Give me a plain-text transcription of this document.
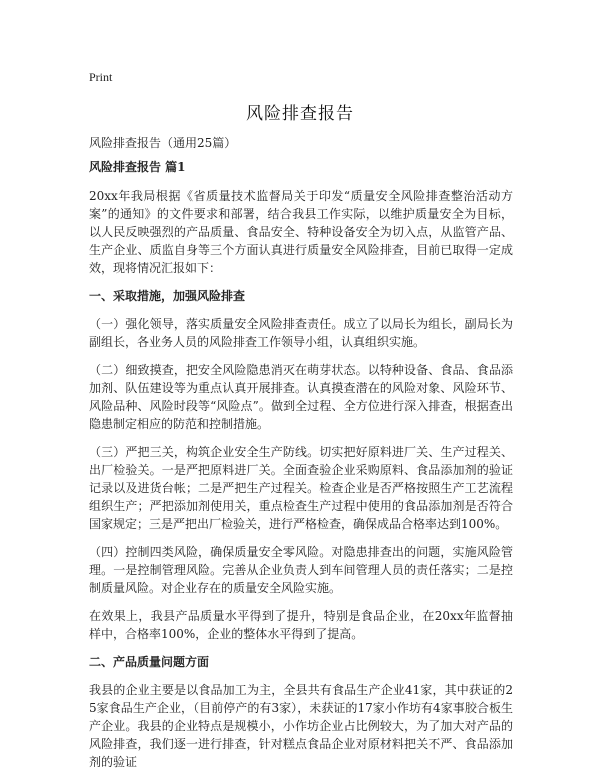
Print
风险排查报告
风险排查报告（通用25篇）
风险排查报告 篇1

20xx年我局根据《省质量技术监督局关于印发“质量安全风险排查整治活动方案”的通知》的文件要求和部署，结合我县工作实际，以维护质量安全为目标，以人民反映强烈的产品质量、食品安全、特种设备安全为切入点，从监管产品、生产企业、质监自身等三个方面认真进行质量安全风险排查，目前已取得一定成效，现将情况汇报如下：

一、采取措施，加强风险排查

（一）强化领导，落实质量安全风险排查责任。成立了以局长为组长，副局长为副组长，各业务人员的风险排查工作领导小组，认真组织实施。

（二）细致摸查，把安全风险隐患消灭在萌芽状态。以特种设备、食品、食品添加剂、队伍建设等为重点认真开展排查。认真摸查潜在的风险对象、风险环节、风险品种、风险时段等“风险点”。做到全过程、全方位进行深入排查，根据查出隐患制定相应的防范和控制措施。

（三）严把三关，构筑企业安全生产防线。切实把好原料进厂关、生产过程关、出厂检验关。一是严把原料进厂关。全面查验企业采购原料、食品添加剂的验证记录以及进货台帐；二是严把生产过程关。检查企业是否严格按照生产工艺流程组织生产；严把添加剂使用关，重点检查生产过程中使用的食品添加剂是否符合国家规定；三是严把出厂检验关，进行严格检查，确保成品合格率达到100%。

（四）控制四类风险，确保质量安全零风险。对隐患排查出的问题，实施风险管理。一是控制管理风险。完善从企业负责人到车间管理人员的责任落实；二是控制质量风险。对企业存在的质量安全风险实施。

在效果上，我县产品质量水平得到了提升，特别是食品企业，在20xx年监督抽样中，合格率100%，企业的整体水平得到了提高。

二、产品质量问题方面

我县的企业主要是以食品加工为主，全县共有食品生产企业41家，其中获证的25家食品生产企业，（目前停产的有3家），未获证的17家小作坊有4家事胶合板生产企业。我县的企业特点是规模小，小作坊企业占比例较大，为了加大对产品的风险排查，我们逐一进行排查，针对糕点食品企业对原材料把关不严、食品添加剂的验证
